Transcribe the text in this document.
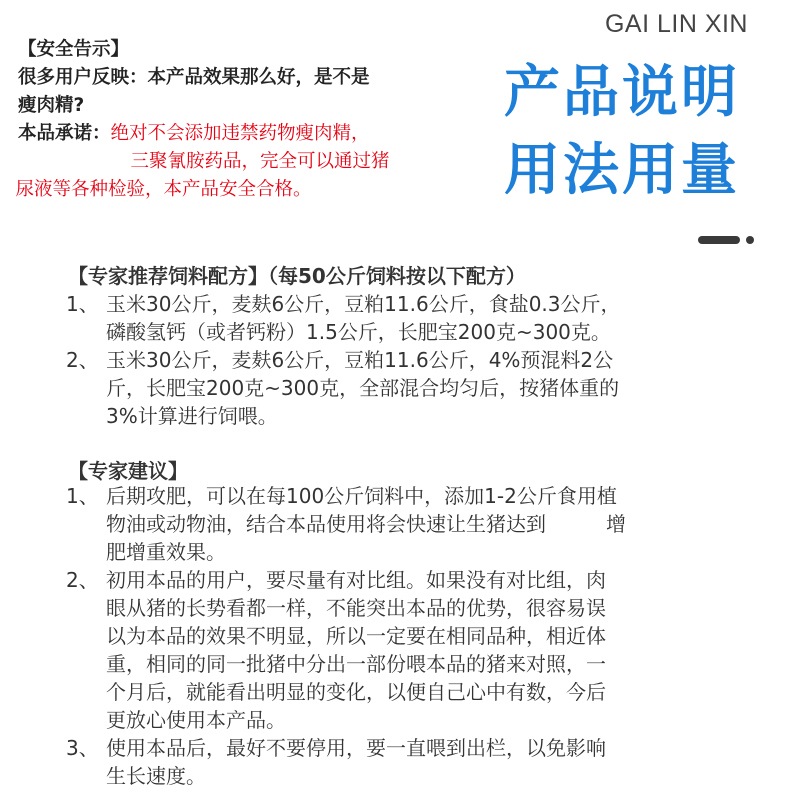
GAI LIN XIN
【安全告示】
很多用户反映：本产品效果那么好，是不是
瘦肉精?
本品承诺： 绝对不会添加违禁药物瘦肉精，
三聚氰胺药品，完全可以通过猪
尿液等各种检验，本产品安全合格。
产品说明
用法用量
【专家推荐饲料配方】（每50公斤饲料按以下配方）
1、 玉米30公斤，麦麸6公斤，豆粕11.6公斤，食盐0.3公斤，
磷酸氢钙（或者钙粉）1.5公斤，长肥宝200克~300克。
2、 玉米30公斤，麦麸6公斤，豆粕11.6公斤，4%预混料2公
斤，长肥宝200克~300克，全部混合均匀后，按猪体重的
3%计算进行饲喂。
【专家建议】
1、 后期攻肥，可以在每100公斤饲料中，添加1-2公斤食用植
物油或动物油，结合本品使用将会快速让生猪达到　　　增
肥增重效果。
2、 初用本品的用户，要尽量有对比组。如果没有对比组，肉
眼从猪的长势看都一样，不能突出本品的优势，很容易误
以为本品的效果不明显，所以一定要在相同品种，相近体
重，相同的同一批猪中分出一部份喂本品的猪来对照，一
个月后，就能看出明显的变化，以便自己心中有数，今后
更放心使用本产品。
3、 使用本品后，最好不要停用，要一直喂到出栏，以免影响
生长速度。
